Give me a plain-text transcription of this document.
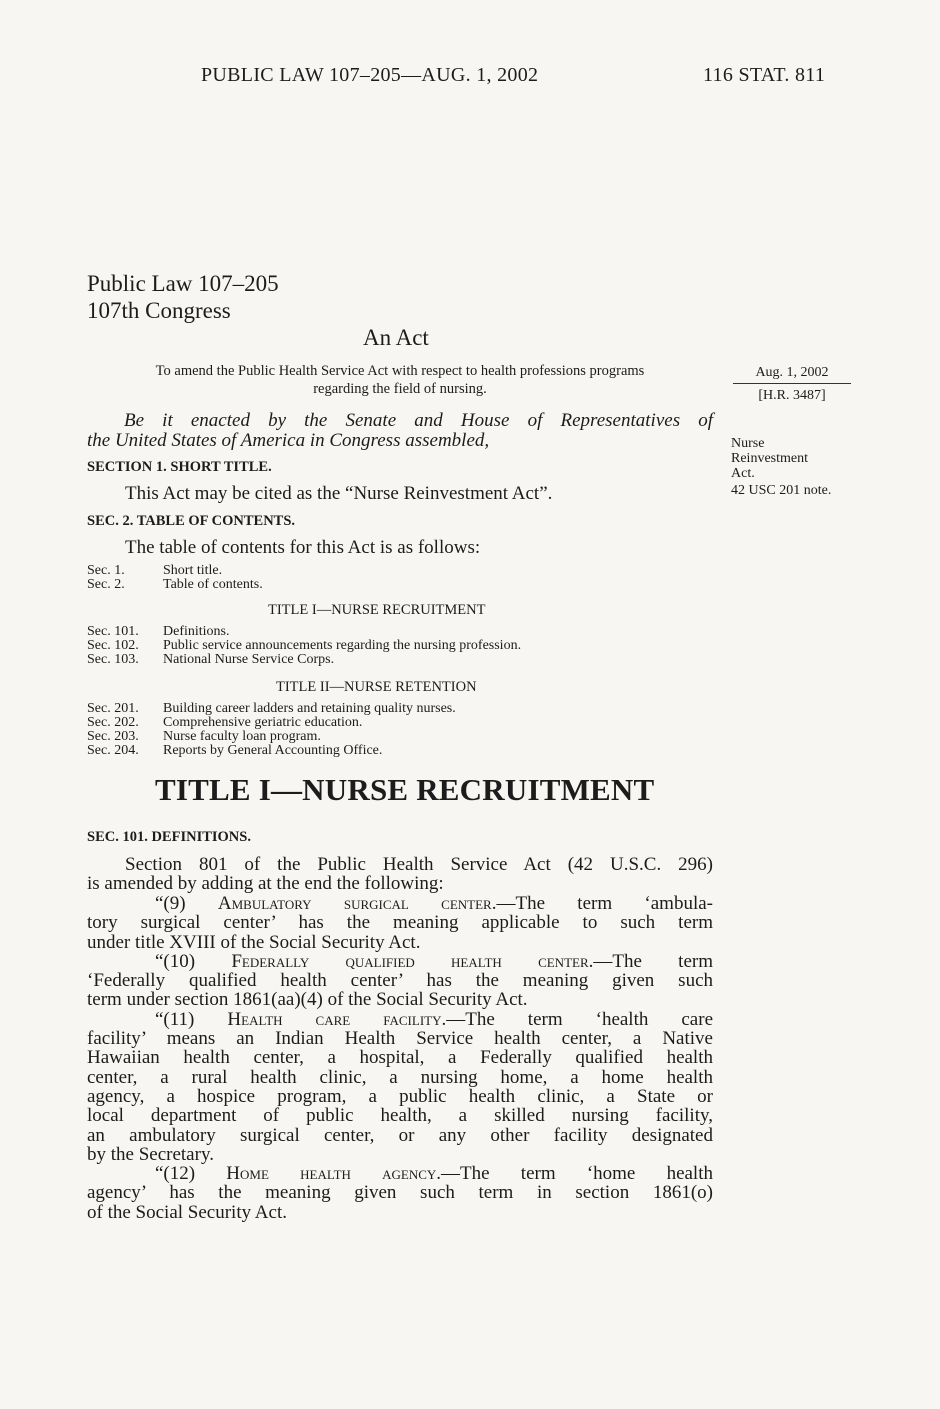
PUBLIC LAW 107–205—AUG. 1, 2002	116 STAT. 811
Public Law 107–205
107th Congress
An Act
To amend the Public Health Service Act with respect to health professions programs
regarding the field of nursing.
Aug. 1, 2002
[H.R. 3487]
Nurse
Reinvestment
Act.
42 USC 201 note.
Be it enacted by the Senate and House of Representatives of
the United States of America in Congress assembled,
SECTION 1. SHORT TITLE.
This Act may be cited as the “Nurse Reinvestment Act”.
SEC. 2. TABLE OF CONTENTS.
The table of contents for this Act is as follows:
Sec. 1.	Short title.
Sec. 2.	Table of contents.
TITLE I—NURSE RECRUITMENT
Sec. 101.	Definitions.
Sec. 102.	Public service announcements regarding the nursing profession.
Sec. 103.	National Nurse Service Corps.
TITLE II—NURSE RETENTION
Sec. 201.	Building career ladders and retaining quality nurses.
Sec. 202.	Comprehensive geriatric education.
Sec. 203.	Nurse faculty loan program.
Sec. 204.	Reports by General Accounting Office.
TITLE I—NURSE RECRUITMENT
SEC. 101. DEFINITIONS.
Section 801 of the Public Health Service Act (42 U.S.C. 296)
is amended by adding at the end the following:
“(9) Ambulatory surgical center.—The term ‘ambula-
tory surgical center’ has the meaning applicable to such term
under title XVIII of the Social Security Act.
“(10) Federally qualified health center.—The term
‘Federally qualified health center’ has the meaning given such
term under section 1861(aa)(4) of the Social Security Act.
“(11) Health care facility.—The term ‘health care
facility’ means an Indian Health Service health center, a Native
Hawaiian health center, a hospital, a Federally qualified health
center, a rural health clinic, a nursing home, a home health
agency, a hospice program, a public health clinic, a State or
local department of public health, a skilled nursing facility,
an ambulatory surgical center, or any other facility designated
by the Secretary.
“(12) Home health agency.—The term ‘home health
agency’ has the meaning given such term in section 1861(o)
of the Social Security Act.
